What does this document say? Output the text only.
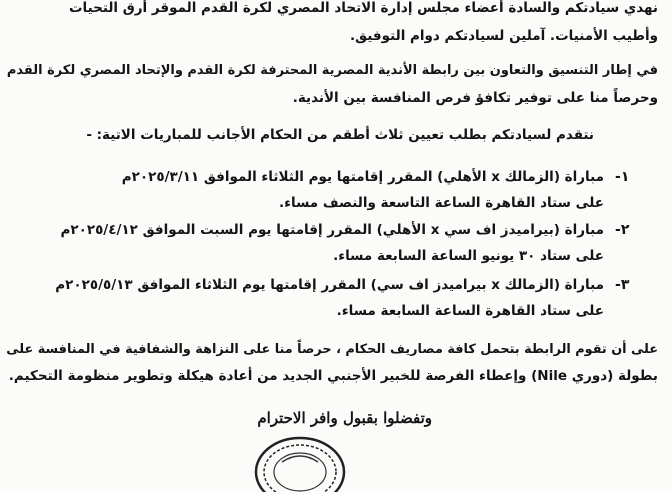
نهدي سيادتكم والسادة أعضاء مجلس إدارة الاتحاد المصري لكرة القدم الموقر أرق التحيات
وأطيب الأمنيات. آملين لسيادتكم دوام التوفيق.
في إطار التنسيق والتعاون بين رابطة الأندية المصرية المحترفة لكرة القدم والإتحاد المصري لكرة القدم
وحرصاً منا على توفير تكافؤ فرص المنافسة بين الأندية.
نتقدم لسيادتكم بطلب تعيين ثلاث أطقم من الحكام الأجانب للمباريات الاتية: -
-١
مباراة (الزمالك x الأهلي) المقرر إقامتها يوم الثلاثاء الموافق ٢٠٢٥/٣/١١م
على ستاد القاهرة الساعة التاسعة والنصف مساء.
-٢
مباراة (بيراميدز اف سي x الأهلي) المقرر إقامتها يوم السبت الموافق ٢٠٢٥/٤/١٢م
على ستاد ٣٠ يونيو الساعة السابعة مساء.
-٣
مباراة (الزمالك x بيراميدز اف سي) المقرر إقامتها يوم الثلاثاء الموافق ٢٠٢٥/٥/١٣م
على ستاد القاهرة الساعة السابعة مساء.
على أن تقوم الرابطة بتحمل كافة مصاريف الحكام ، حرصاً منا على النزاهة والشفافية في المنافسة على
بطولة (دوري Nile) وإعطاء الفرصة للخبير الأجنبي الجديد من أعادة هيكلة وتطوير منظومة التحكيم.
وتفضلوا بقبول وافر الاحترام
